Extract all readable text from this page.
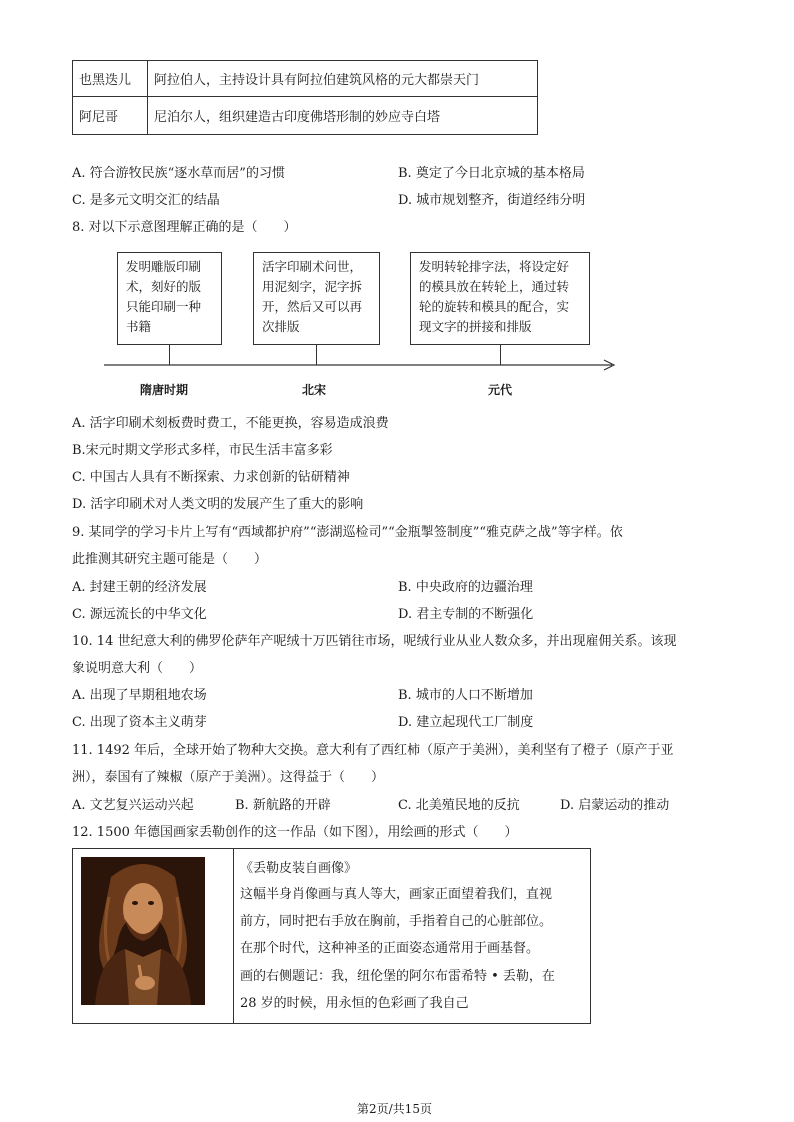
也黑迭儿	阿拉伯人，主持设计具有阿拉伯建筑风格的元大都崇天门
阿尼哥	尼泊尔人，组织建造古印度佛塔形制的妙应寺白塔
A. 符合游牧民族“逐水草而居”的习惯	B. 奠定了今日北京城的基本格局
C. 是多元文明交汇的结晶	D. 城市规划整齐，街道经纬分明
8. 对以下示意图理解正确的是（　　）
发明雕版印刷术，刻好的版只能印刷一种书籍
活字印刷术问世，用泥刻字，泥字拆开，然后又可以再次排版
发明转轮排字法，将设定好的模具放在转轮上，通过转轮的旋转和模具的配合，实现文字的拼接和排版
隋唐时期	北宋	元代
A. 活字印刷术刻板费时费工，不能更换，容易造成浪费
B.宋元时期文学形式多样，市民生活丰富多彩
C. 中国古人具有不断探索、力求创新的钻研精神
D. 活字印刷术对人类文明的发展产生了重大的影响
9. 某同学的学习卡片上写有“西域都护府”“澎湖巡检司”“金瓶掣签制度”“雅克萨之战”等字样。依
此推测其研究主题可能是（　　）
A. 封建王朝的经济发展	B. 中央政府的边疆治理
C. 源远流长的中华文化	D. 君主专制的不断强化
10. 14 世纪意大利的佛罗伦萨年产呢绒十万匹销往市场，呢绒行业从业人数众多，并出现雇佣关系。该现
象说明意大利（　　）
A. 出现了早期租地农场	B. 城市的人口不断增加
C. 出现了资本主义萌芽	D. 建立起现代工厂制度
11. 1492 年后，全球开始了物种大交换。意大利有了西红柿（原产于美洲），美利坚有了橙子（原产于亚
洲），泰国有了辣椒（原产于美洲）。这得益于（　　）
A. 文艺复兴运动兴起	B. 新航路的开辟	C. 北美殖民地的反抗	D. 启蒙运动的推动
12. 1500 年德国画家丢勒创作的这一作品（如下图），用绘画的形式（　　）
《丢勒皮装自画像》
这幅半身肖像画与真人等大，画家正面望着我们，直视
前方，同时把右手放在胸前，手指着自己的心脏部位。
在那个时代，这种神圣的正面姿态通常用于画基督。
画的右侧题记：我，纽伦堡的阿尔布雷希特 • 丢勒，在
28 岁的时候，用永恒的色彩画了我自己
第2页/共15页
